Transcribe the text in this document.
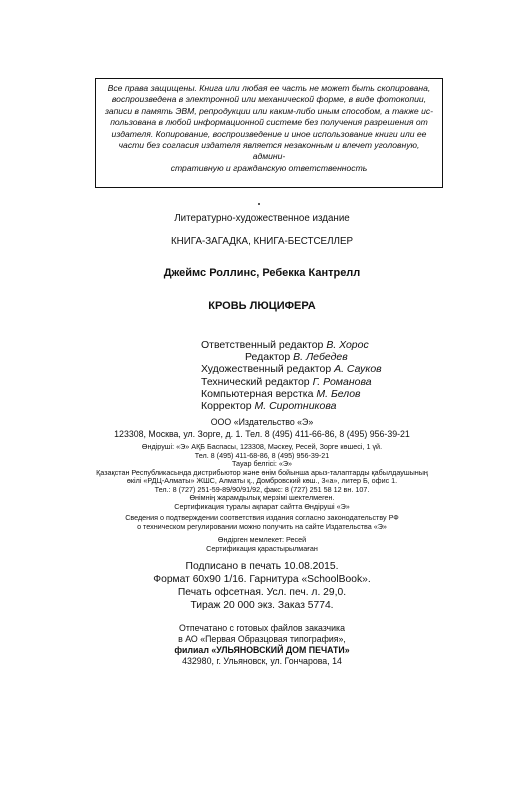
Все права защищены. Книга или любая ее часть не может быть скопирована,
воспроизведена в электронной или механической форме, в виде фотокопии,
записи в память ЭВМ, репродукции или каким-либо иным способом, а также ис-
пользована в любой информационной системе без получения разрешения от
издателя. Копирование, воспроизведение и иное использование книги или ее
части без согласия издателя является незаконным и влечет уголовную, админи-
стративную и гражданскую ответственность
Литературно-художественное издание
КНИГА-ЗАГАДКА, КНИГА-БЕСТСЕЛЛЕР
Джеймс Роллинс, Ребекка Кантрелл
КРОВЬ ЛЮЦИФЕРА
Ответственный редактор В. Хорос
Редактор В. Лебедев
Художественный редактор А. Сауков
Технический редактор Г. Романова
Компьютерная верстка М. Белов
Корректор М. Сиротникова
ООО «Издательство «Э»
123308, Москва, ул. Зорге, д. 1. Тел. 8 (495) 411-66-86, 8 (495) 956-39-21
Өндіруші: «Э» АҚБ Баспасы, 123308, Мәскеу, Ресей, Зорге көшесі, 1 үй.
Тел. 8 (495) 411-68-86, 8 (495) 956-39-21
Тауар белгісі: «Э»
Қазақстан Республикасында дистрибьютор және өнім бойынша арыз-талаптарды қабылдаушының
өкілі «РДЦ-Алматы» ЖШС, Алматы қ., Домбровский көш., 3«а», литер Б, офис 1.
Тел.: 8 (727) 251-59-89/90/91/92, факс: 8 (727) 251 58 12 вн. 107.
Өнімнің жарамдылық мерзімі шектелмеген.
Сертификация туралы ақпарат сайтта Өндіруші «Э»
Сведения о подтверждении соответствия издания согласно законодательству РФ
о техническом регулировании можно получить на сайте Издательства «Э»
Өндірген мемлекет: Ресей
Сертификация қарастырылмаған
Подписано в печать 10.08.2015.
Формат 60x90 1/16. Гарнитура «SchoolBook».
Печать офсетная. Усл. печ. л. 29,0.
Тираж 20 000 экз. Заказ 5774.
Отпечатано с готовых файлов заказчика
в АО «Первая Образцовая типография»,
филиал «УЛЬЯНОВСКИЙ ДОМ ПЕЧАТИ»
432980, г. Ульяновск, ул. Гончарова, 14
